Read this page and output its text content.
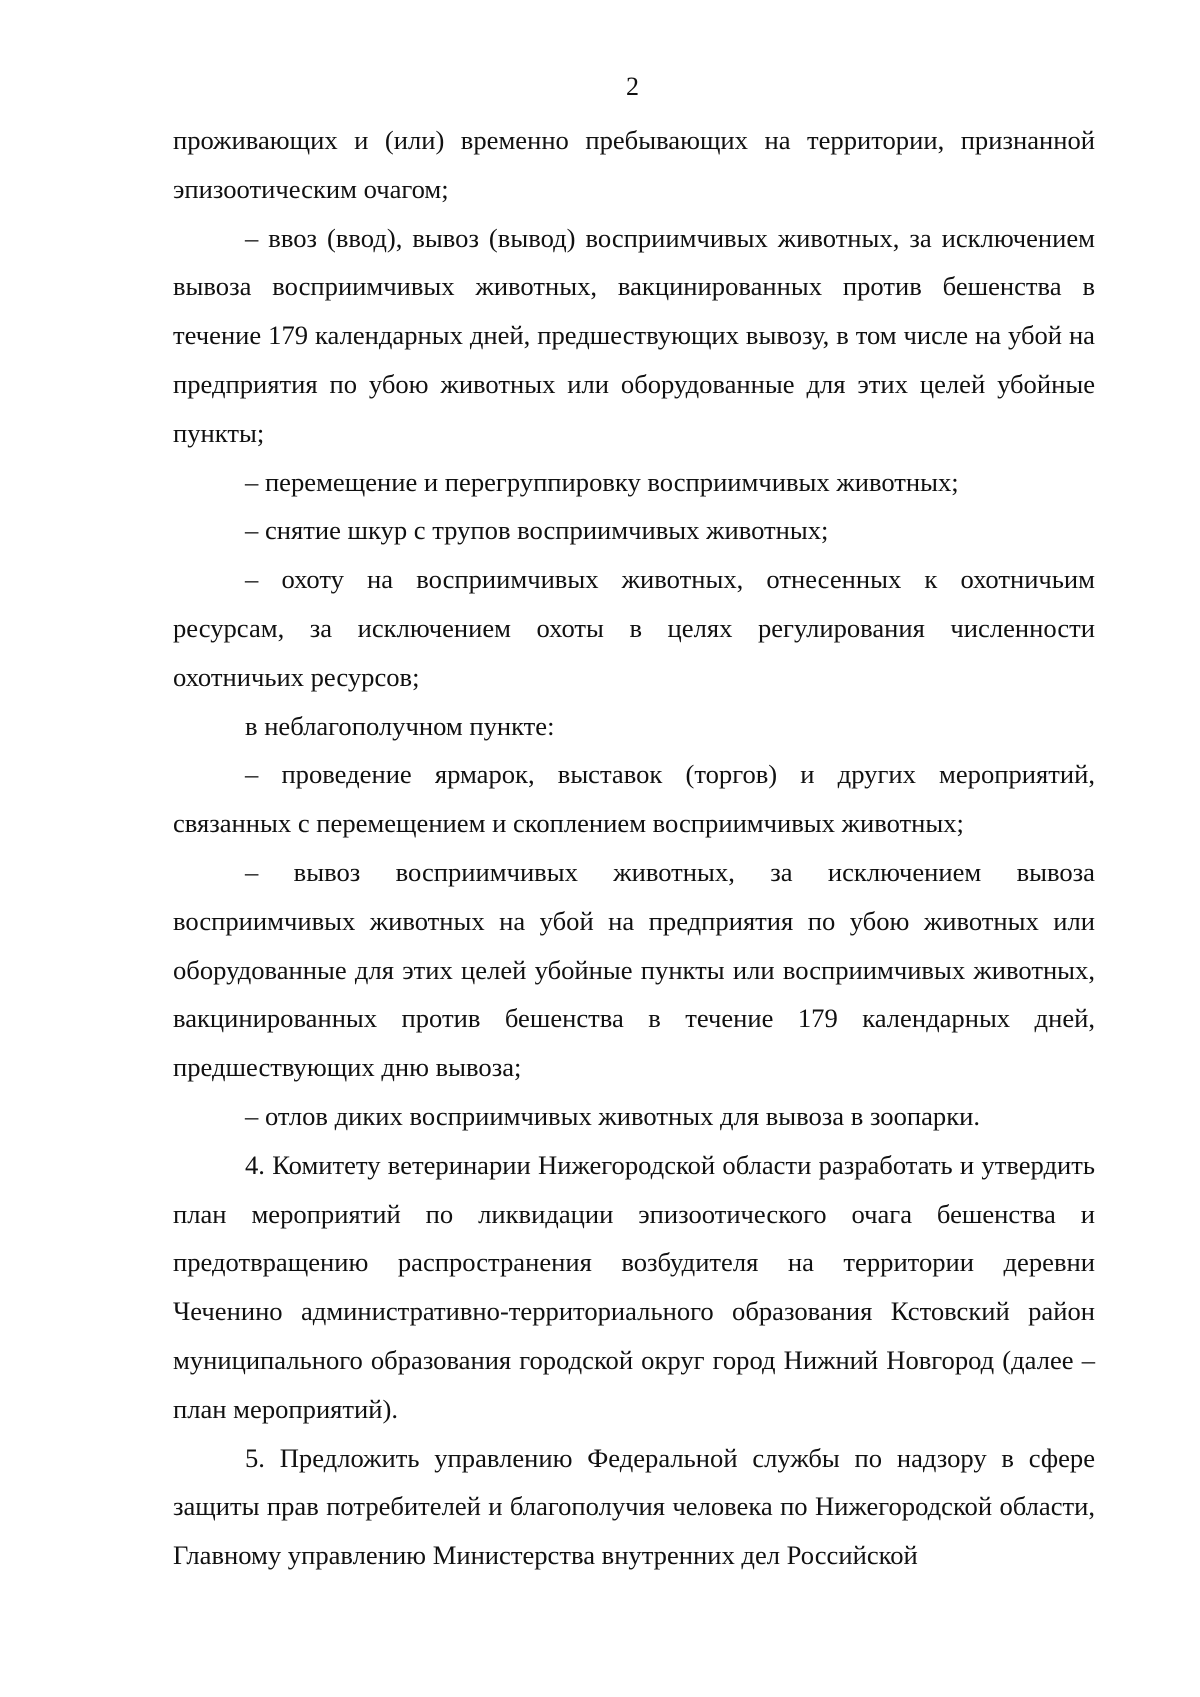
2

проживающих и (или) временно пребывающих на территории, признанной эпизоотическим очагом;

– ввоз (ввод), вывоз (вывод) восприимчивых животных, за исключением вывоза восприимчивых животных, вакцинированных против бешенства в течение 179 календарных дней, предшествующих вывозу, в том числе на убой на предприятия по убою животных или оборудованные для этих целей убойные пункты;

– перемещение и перегруппировку восприимчивых животных;

– снятие шкур с трупов восприимчивых животных;

– охоту на восприимчивых животных, отнесенных к охотничьим ресурсам, за исключением охоты в целях регулирования численности охотничьих ресурсов;

в неблагополучном пункте:

– проведение ярмарок, выставок (торгов) и других мероприятий, связанных с перемещением и скоплением восприимчивых животных;

– вывоз восприимчивых животных, за исключением вывоза восприимчивых животных на убой на предприятия по убою животных или оборудованные для этих целей убойные пункты или восприимчивых животных, вакцинированных против бешенства в течение 179 календарных дней, предшествующих дню вывоза;

– отлов диких восприимчивых животных для вывоза в зоопарки.

4. Комитету ветеринарии Нижегородской области разработать и утвердить план мероприятий по ликвидации эпизоотического очага бешенства и предотвращению распространения возбудителя на территории деревни Чеченино административно-территориального образования Кстовский район муниципального образования городской округ город Нижний Новгород (далее – план мероприятий).

5. Предложить управлению Федеральной службы по надзору в сфере защиты прав потребителей и благополучия человека по Нижегородской области, Главному управлению Министерства внутренних дел Российской
